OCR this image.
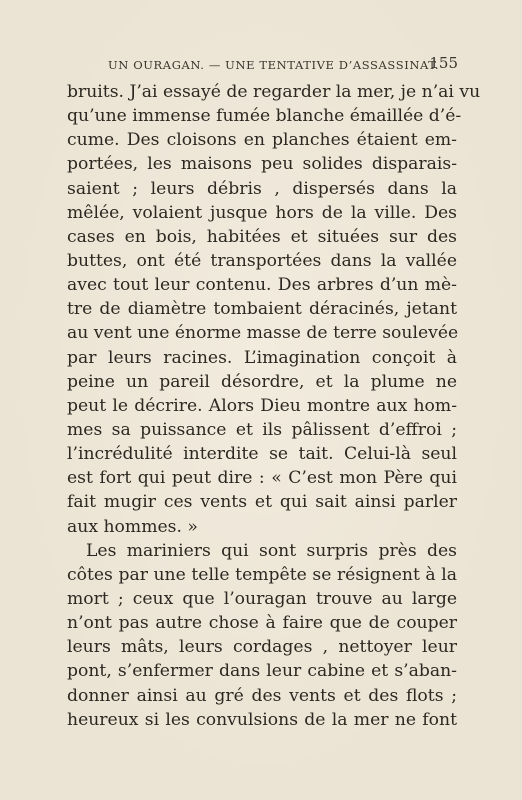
UN OURAGAN. — UNE TENTATIVE D’ASSASSINAT.
155
bruits. J’ai essayé de regarder la mer, je n’ai vu
qu’une immense fumée blanche émaillée d’é-
cume. Des cloisons en planches étaient em-
portées, les maisons peu solides disparais-
saient ; leurs débris , dispersés dans la
mêlée, volaient jusque hors de la ville. Des
cases en bois, habitées et situées sur des
buttes, ont été transportées dans la vallée
avec tout leur contenu. Des arbres d’un mè-
tre de diamètre tombaient déracinés, jetant
au vent une énorme masse de terre soulevée
par leurs racines. L’imagination conçoit à
peine un pareil désordre, et la plume ne
peut le décrire. Alors Dieu montre aux hom-
mes sa puissance et ils pâlissent d’effroi ;
l’incrédulité interdite se tait. Celui-là seul
est fort qui peut dire : « C’est mon Père qui
fait mugir ces vents et qui sait ainsi parler
aux hommes. »
Les mariniers qui sont surpris près des
côtes par une telle tempête se résignent à la
mort ; ceux que l’ouragan trouve au large
n’ont pas autre chose à faire que de couper
leurs mâts, leurs cordages , nettoyer leur
pont, s’enfermer dans leur cabine et s’aban-
donner ainsi au gré des vents et des flots ;
heureux si les convulsions de la mer ne font
